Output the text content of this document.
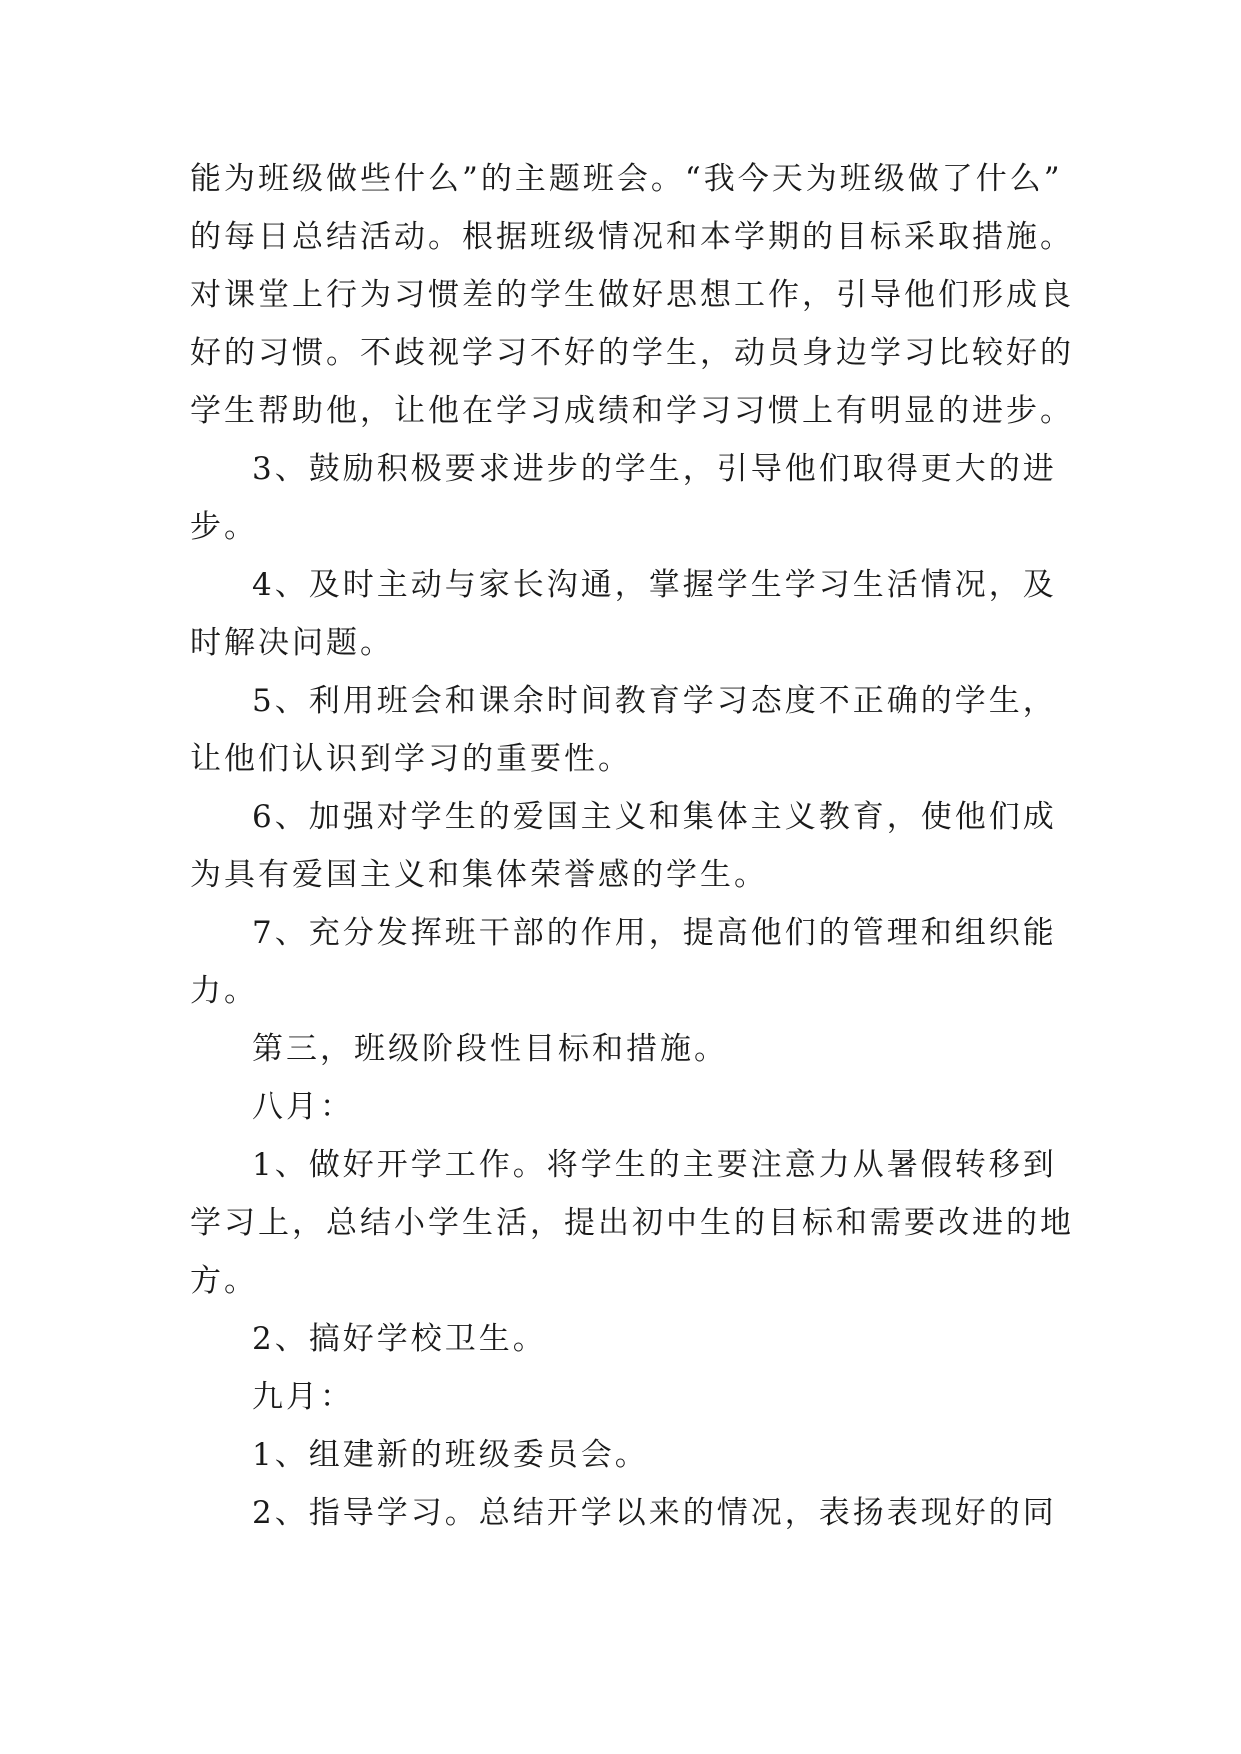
能为班级做些什么”的主题班会。“我今天为班级做了什么”
的每日总结活动。根据班级情况和本学期的目标采取措施。
对课堂上行为习惯差的学生做好思想工作，引导他们形成良
好的习惯。不歧视学习不好的学生，动员身边学习比较好的
学生帮助他，让他在学习成绩和学习习惯上有明显的进步。

3、鼓励积极要求进步的学生，引导他们取得更大的进
步。

4、及时主动与家长沟通，掌握学生学习生活情况，及
时解决问题。

5、利用班会和课余时间教育学习态度不正确的学生，
让他们认识到学习的重要性。

6、加强对学生的爱国主义和集体主义教育，使他们成
为具有爱国主义和集体荣誉感的学生。

7、充分发挥班干部的作用，提高他们的管理和组织能
力。

第三，班级阶段性目标和措施。

八月：

1、做好开学工作。将学生的主要注意力从暑假转移到
学习上，总结小学生活，提出初中生的目标和需要改进的地
方。

2、搞好学校卫生。

九月：

1、组建新的班级委员会。

2、指导学习。总结开学以来的情况，表扬表现好的同
